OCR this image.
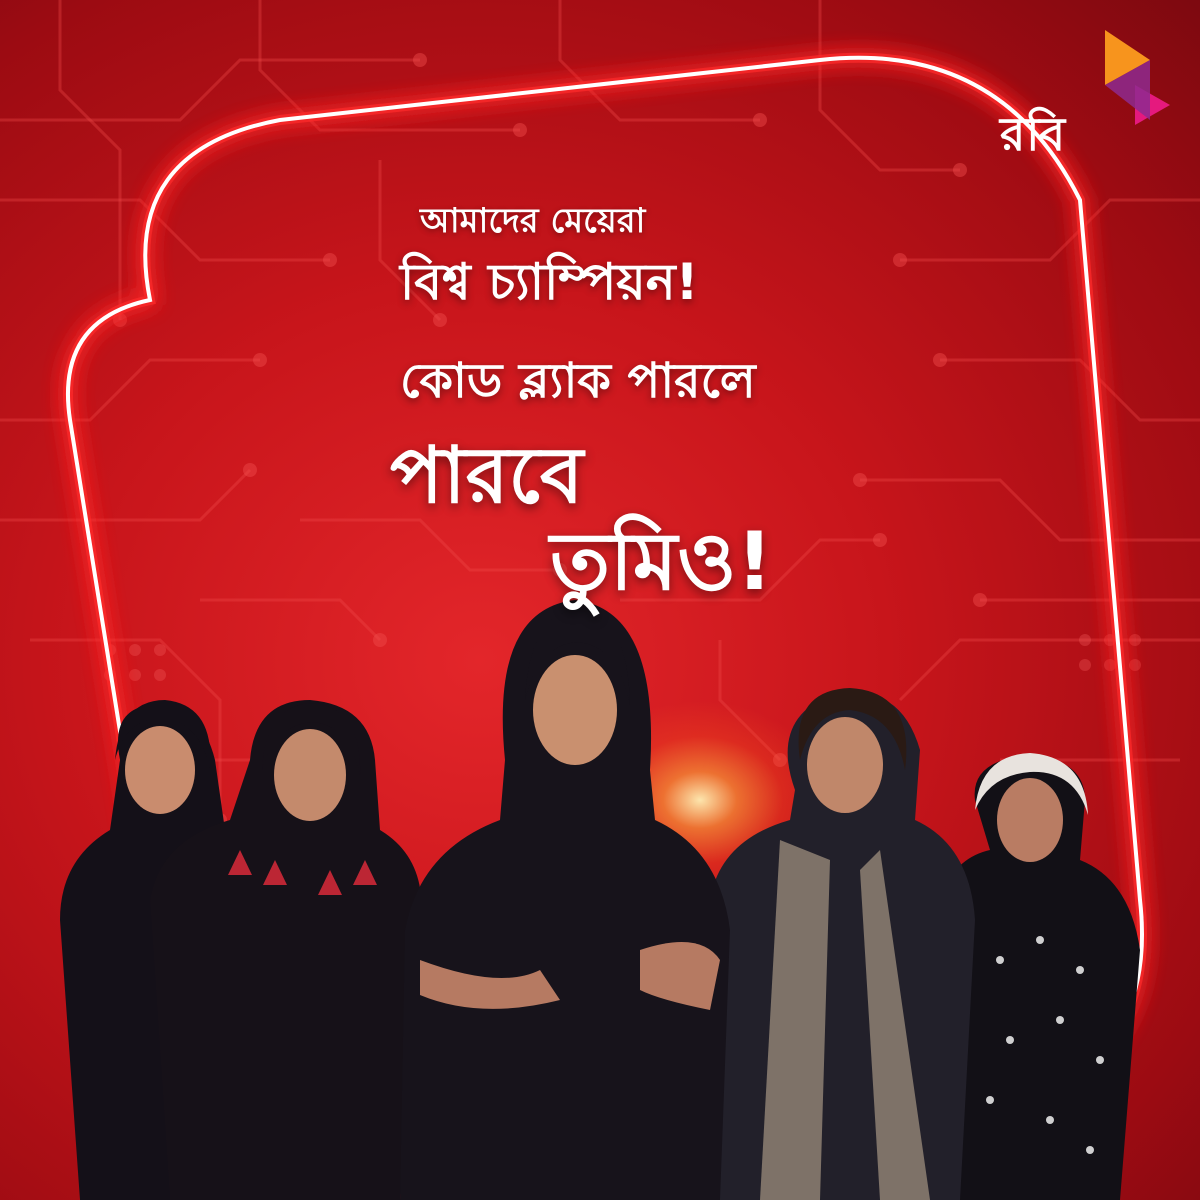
রবি
আমাদের মেয়েরা
বিশ্ব চ্যাম্পিয়ন!
কোড ব্ল্যাক পারলে
পারবে
তুমিও!
